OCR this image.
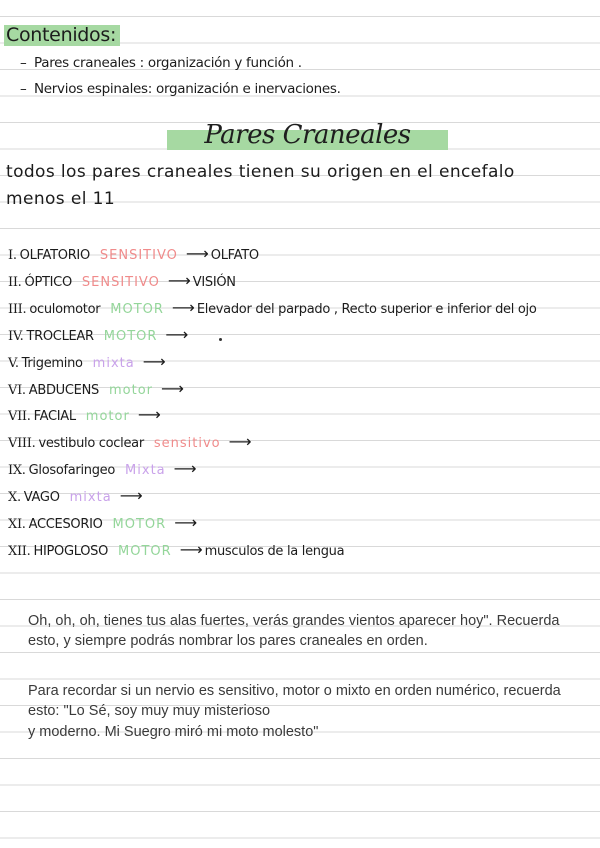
Contenidos:
– Pares craneales : organización y función .
– Nervios espinales: organización e inervaciones.
Pares Craneales
todos los pares craneales tienen su origen en el encefalo
menos el 11
I. OLFATORIO SENSITIVO ⟶ OLFATO
II. ÓPTICO SENSITIVO ⟶ VISIÓN
III. oculomotor MOTOR ⟶ Elevador del parpado , Recto superior e inferior del ojo
IV. TROCLEAR MOTOR ⟶
V. Trigemino mixta ⟶
VI. ABDUCENS motor ⟶
VII. FACIAL motor ⟶
VIII. vestibulo coclear sensitivo ⟶
IX. Glosofaringeo Mixta ⟶
X. VAGO mixta ⟶
XI. ACCESORIO MOTOR ⟶
XII. HIPOGLOSO MOTOR ⟶ musculos de la lengua
Oh, oh, oh, tienes tus alas fuertes, verás grandes vientos aparecer hoy". Recuerda esto, y siempre podrás nombrar los pares craneales en orden.
Para recordar si un nervio es sensitivo, motor o mixto en orden numérico, recuerda esto: "Lo Sé, soy muy muy misterioso
y moderno. Mi Suegro miró mi moto molesto"
